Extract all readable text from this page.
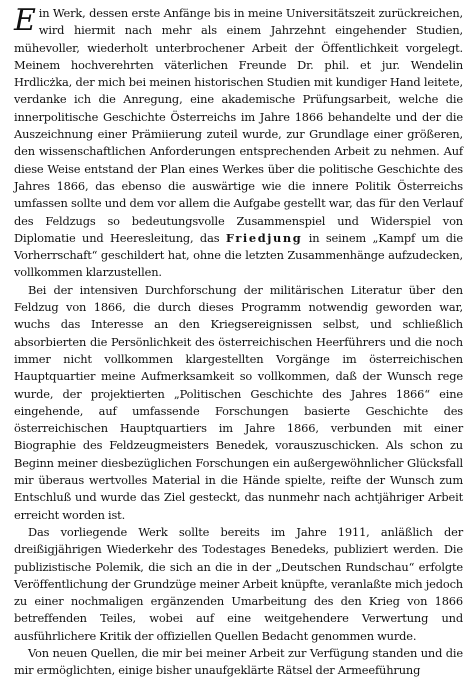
Ein Werk, dessen erste Anfänge bis in meine Universitätszeit zurückreichen, wird hiermit nach mehr als einem Jahrzehnt eingehender Studien, mühevoller, wiederholt unterbrochener Arbeit der Öffentlichkeit vorgelegt. Meinem hochverehrten väterlichen Freunde Dr. phil. et jur. Wendelin Hrdlicżka, der mich bei meinen historischen Studien mit kundiger Hand leitete, verdanke ich die Anregung, eine akademische Prüfungsarbeit, welche die innerpolitische Geschichte Österreichs im Jahre 1866 behandelte und der die Auszeichnung einer Prämiierung zuteil wurde, zur Grundlage einer größeren, den wissenschaftlichen Anforderungen entsprechenden Arbeit zu nehmen. Auf diese Weise entstand der Plan eines Werkes über die politische Geschichte des Jahres 1866, das ebenso die auswärtige wie die innere Politik Österreichs umfassen sollte und dem vor allem die Aufgabe gestellt war, das für den Verlauf des Feldzugs so bedeutungsvolle Zusammenspiel und Widerspiel von Diplomatie und Heeresleitung, das Friedjung in seinem „Kampf um die Vorherrschaft“ geschildert hat, ohne die letzten Zusammenhänge aufzudecken, vollkommen klarzustellen.

Bei der intensiven Durchforschung der militärischen Literatur über den Feldzug von 1866, die durch dieses Programm notwendig geworden war, wuchs das Interesse an den Kriegsereignissen selbst, und schließlich absorbierten die Persönlichkeit des österreichischen Heerführers und die noch immer nicht vollkommen klargestellten Vorgänge im österreichischen Hauptquartier meine Aufmerksamkeit so vollkommen, daß der Wunsch rege wurde, der projektierten „Politischen Geschichte des Jahres 1866“ eine eingehende, auf umfassende Forschungen basierte Geschichte des österreichischen Hauptquartiers im Jahre 1866, verbunden mit einer Biographie des Feldzeugmeisters Benedek, vorauszuschicken. Als schon zu Beginn meiner diesbezüglichen Forschungen ein außergewöhnlicher Glücksfall mir überaus wertvolles Material in die Hände spielte, reifte der Wunsch zum Entschluß und wurde das Ziel gesteckt, das nunmehr nach achtjähriger Arbeit erreicht worden ist.

Das vorliegende Werk sollte bereits im Jahre 1911, anläßlich der dreißigjährigen Wiederkehr des Todestages Benedeks, publiziert werden. Die publizistische Polemik, die sich an die in der „Deutschen Rundschau“ erfolgte Veröffentlichung der Grundzüge meiner Arbeit knüpfte, veranlaßte mich jedoch zu einer nochmaligen ergänzenden Umarbeitung des den Krieg von 1866 betreffenden Teiles, wobei auf eine weitgehendere Verwertung und ausführlichere Kritik der offiziellen Quellen Bedacht genommen wurde.

Von neuen Quellen, die mir bei meiner Arbeit zur Verfügung standen und die mir ermöglichten, einige bisher unaufgeklärte Rätsel der Armeeführung
